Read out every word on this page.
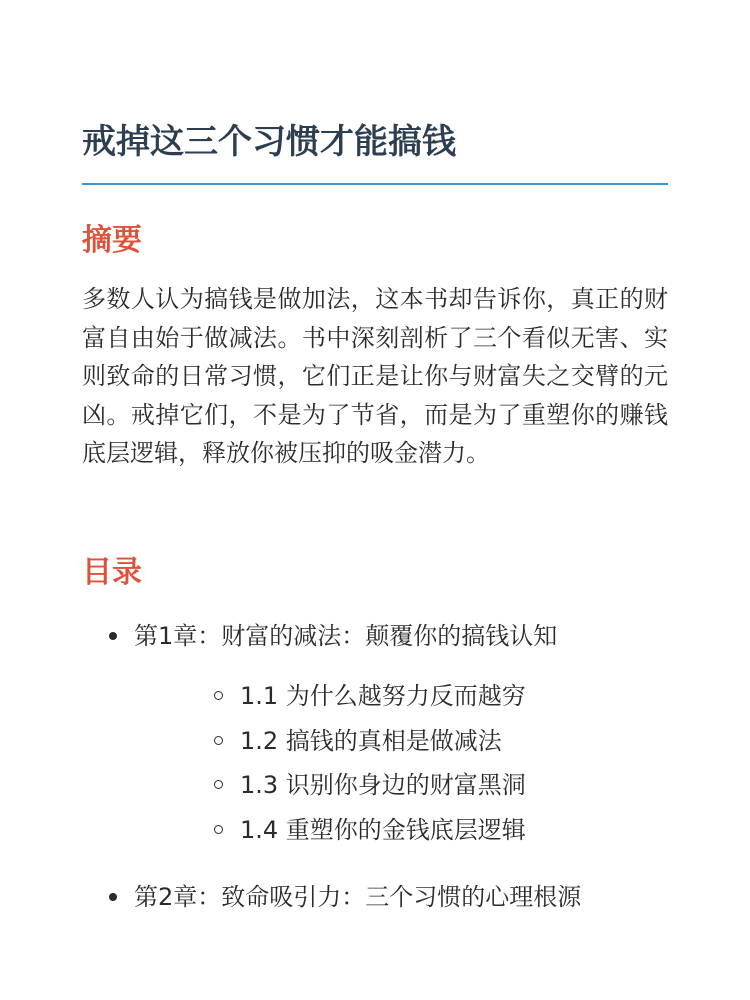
戒掉这三个习惯才能搞钱
摘要

多数人认为搞钱是做加法，这本书却告诉你，真正的财富自由始于做减法。书中深刻剖析了三个看似无害、实则致命的日常习惯，它们正是让你与财富失之交臂的元凶。戒掉它们，不是为了节省，而是为了重塑你的赚钱底层逻辑，释放你被压抑的吸金潜力。

目录
第1章：财富的减法：颠覆你的搞钱认知
1.1 为什么越努力反而越穷
1.2 搞钱的真相是做减法
1.3 识别你身边的财富黑洞
1.4 重塑你的金钱底层逻辑
第2章：致命吸引力：三个习惯的心理根源
